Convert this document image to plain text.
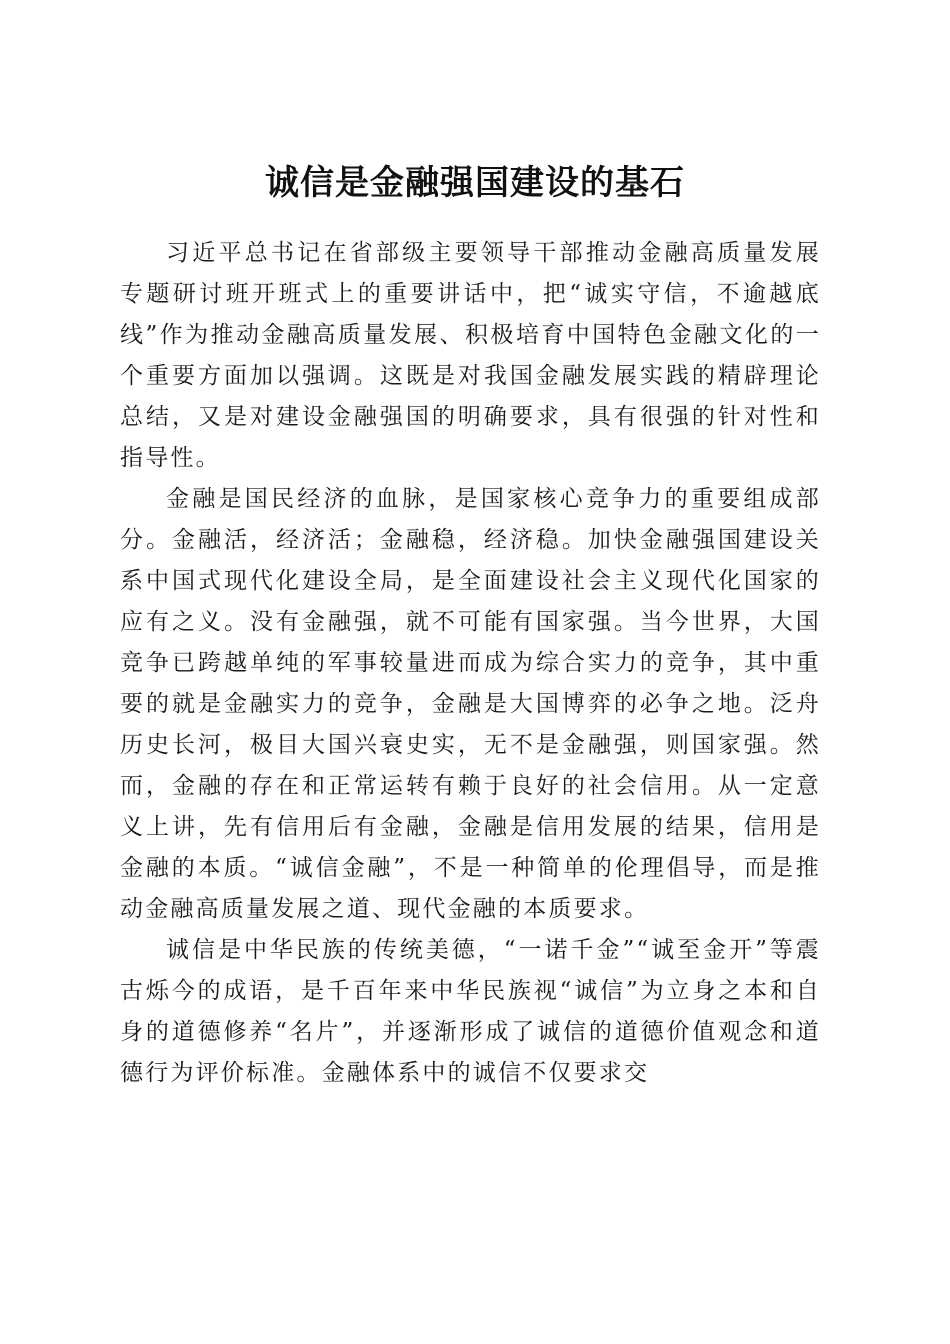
诚信是金融强国建设的基石

习近平总书记在省部级主要领导干部推动金融高质量发展专题研讨班开班式上的重要讲话中，把“诚实守信，不逾越底线”作为推动金融高质量发展、积极培育中国特色金融文化的一个重要方面加以强调。这既是对我国金融发展实践的精辟理论总结，又是对建设金融强国的明确要求，具有很强的针对性和指导性。

金融是国民经济的血脉，是国家核心竞争力的重要组成部分。金融活，经济活；金融稳，经济稳。加快金融强国建设关系中国式现代化建设全局，是全面建设社会主义现代化国家的应有之义。没有金融强，就不可能有国家强。当今世界，大国竞争已跨越单纯的军事较量进而成为综合实力的竞争，其中重要的就是金融实力的竞争，金融是大国博弈的必争之地。泛舟历史长河，极目大国兴衰史实，无不是金融强，则国家强。然而，金融的存在和正常运转有赖于良好的社会信用。从一定意义上讲，先有信用后有金融，金融是信用发展的结果，信用是金融的本质。“诚信金融”，不是一种简单的伦理倡导，而是推动金融高质量发展之道、现代金融的本质要求。

诚信是中华民族的传统美德，“一诺千金”“诚至金开”等震古烁今的成语，是千百年来中华民族视“诚信”为立身之本和自身的道德修养“名片”，并逐渐形成了诚信的道德价值观念和道德行为评价标准。金融体系中的诚信不仅要求交
